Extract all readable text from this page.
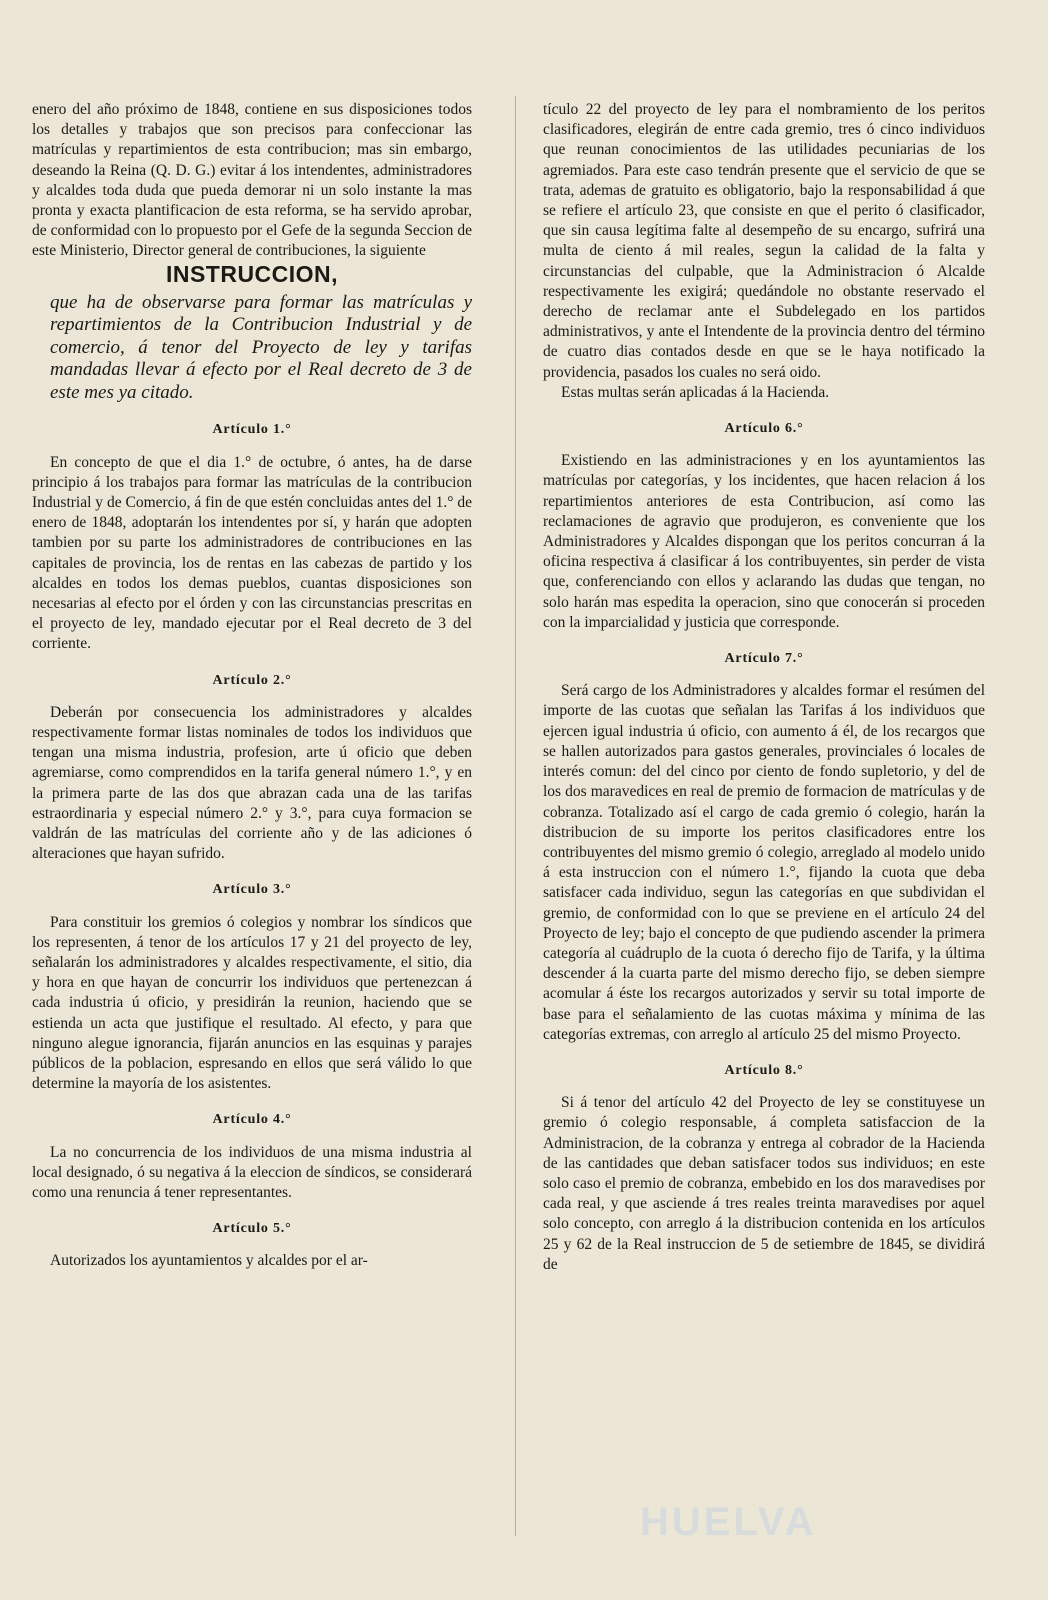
enero del año próximo de 1848, contiene en sus disposiciones todos los detalles y trabajos que son precisos para confeccionar las matrículas y repartimientos de esta contribucion; mas sin embargo, deseando la Reina (Q. D. G.) evitar á los intendentes, administradores y alcaldes toda duda que pueda demorar ni un solo instante la mas pronta y exacta plantificacion de esta reforma, se ha servido aprobar, de conformidad con lo propuesto por el Gefe de la segunda Seccion de este Ministerio, Director general de contribuciones, la siguiente

INSTRUCCION,

que ha de observarse para formar las matrículas y repartimientos de la Contribucion Industrial y de comercio, á tenor del Proyecto de ley y tarifas mandadas llevar á efecto por el Real decreto de 3 de este mes ya citado.

Artículo 1.°

En concepto de que el dia 1.° de octubre, ó antes, ha de darse principio á los trabajos para formar las matrículas de la contribucion Industrial y de Comercio, á fin de que estén concluidas antes del 1.° de enero de 1848, adoptarán los intendentes por sí, y harán que adopten tambien por su parte los administradores de contribuciones en las capitales de provincia, los de rentas en las cabezas de partido y los alcaldes en todos los demas pueblos, cuantas disposiciones son necesarias al efecto por el órden y con las circunstancias prescritas en el proyecto de ley, mandado ejecutar por el Real decreto de 3 del corriente.

Artículo 2.°

Deberán por consecuencia los administradores y alcaldes respectivamente formar listas nominales de todos los individuos que tengan una misma industria, profesion, arte ú oficio que deben agremiarse, como comprendidos en la tarifa general número 1.°, y en la primera parte de las dos que abrazan cada una de las tarifas estraordinaria y especial número 2.° y 3.°, para cuya formacion se valdrán de las matrículas del corriente año y de las adiciones ó alteraciones que hayan sufrido.

Artículo 3.°

Para constituir los gremios ó colegios y nombrar los síndicos que los representen, á tenor de los artículos 17 y 21 del proyecto de ley, señalarán los administradores y alcaldes respectivamente, el sitio, dia y hora en que hayan de concurrir los individuos que pertenezcan á cada industria ú oficio, y presidirán la reunion, haciendo que se estienda un acta que justifique el resultado. Al efecto, y para que ninguno alegue ignorancia, fijarán anuncios en las esquinas y parajes públicos de la poblacion, espresando en ellos que será válido lo que determine la mayoría de los asistentes.

Artículo 4.°

La no concurrencia de los individuos de una misma industria al local designado, ó su negativa á la eleccion de síndicos, se considerará como una renuncia á tener representantes.

Artículo 5.°

Autorizados los ayuntamientos y alcaldes por el ar-

tículo 22 del proyecto de ley para el nombramiento de los peritos clasificadores, elegirán de entre cada gremio, tres ó cinco individuos que reunan conocimientos de las utilidades pecuniarias de los agremiados. Para este caso tendrán presente que el servicio de que se trata, ademas de gratuito es obligatorio, bajo la responsabilidad á que se refiere el artículo 23, que consiste en que el perito ó clasificador, que sin causa legítima falte al desempeño de su encargo, sufrirá una multa de ciento á mil reales, segun la calidad de la falta y circunstancias del culpable, que la Administracion ó Alcalde respectivamente les exigirá; quedándole no obstante reservado el derecho de reclamar ante el Subdelegado en los partidos administrativos, y ante el Intendente de la provincia dentro del término de cuatro dias contados desde en que se le haya notificado la providencia, pasados los cuales no será oido.

Estas multas serán aplicadas á la Hacienda.

Artículo 6.°

Existiendo en las administraciones y en los ayuntamientos las matrículas por categorías, y los incidentes, que hacen relacion á los repartimientos anteriores de esta Contribucion, así como las reclamaciones de agravio que produjeron, es conveniente que los Administradores y Alcaldes dispongan que los peritos concurran á la oficina respectiva á clasificar á los contribuyentes, sin perder de vista que, conferenciando con ellos y aclarando las dudas que tengan, no solo harán mas espedita la operacion, sino que conocerán si proceden con la imparcialidad y justicia que corresponde.

Artículo 7.°

Será cargo de los Administradores y alcaldes formar el resúmen del importe de las cuotas que señalan las Tarifas á los individuos que ejercen igual industria ú oficio, con aumento á él, de los recargos que se hallen autorizados para gastos generales, provinciales ó locales de interés comun: del del cinco por ciento de fondo supletorio, y del de los dos maravedices en real de premio de formacion de matrículas y de cobranza. Totalizado así el cargo de cada gremio ó colegio, harán la distribucion de su importe los peritos clasificadores entre los contribuyentes del mismo gremio ó colegio, arreglado al modelo unido á esta instruccion con el número 1.°, fijando la cuota que deba satisfacer cada individuo, segun las categorías en que subdividan el gremio, de conformidad con lo que se previene en el artículo 24 del Proyecto de ley; bajo el concepto de que pudiendo ascender la primera categoría al cuádruplo de la cuota ó derecho fijo de Tarifa, y la última descender á la cuarta parte del mismo derecho fijo, se deben siempre acomular á éste los recargos autorizados y servir su total importe de base para el señalamiento de las cuotas máxima y mínima de las categorías extremas, con arreglo al artículo 25 del mismo Proyecto.

Artículo 8.°

Si á tenor del artículo 42 del Proyecto de ley se constituyese un gremio ó colegio responsable, á completa satisfaccion de la Administracion, de la cobranza y entrega al cobrador de la Hacienda de las cantidades que deban satisfacer todos sus individuos; en este solo caso el premio de cobranza, embebido en los dos maravedises por cada real, y que asciende á tres reales treinta maravedises por aquel solo concepto, con arreglo á la distribucion contenida en los artículos 25 y 62 de la Real instruccion de 5 de setiembre de 1845, se dividirá de

HUELVA
